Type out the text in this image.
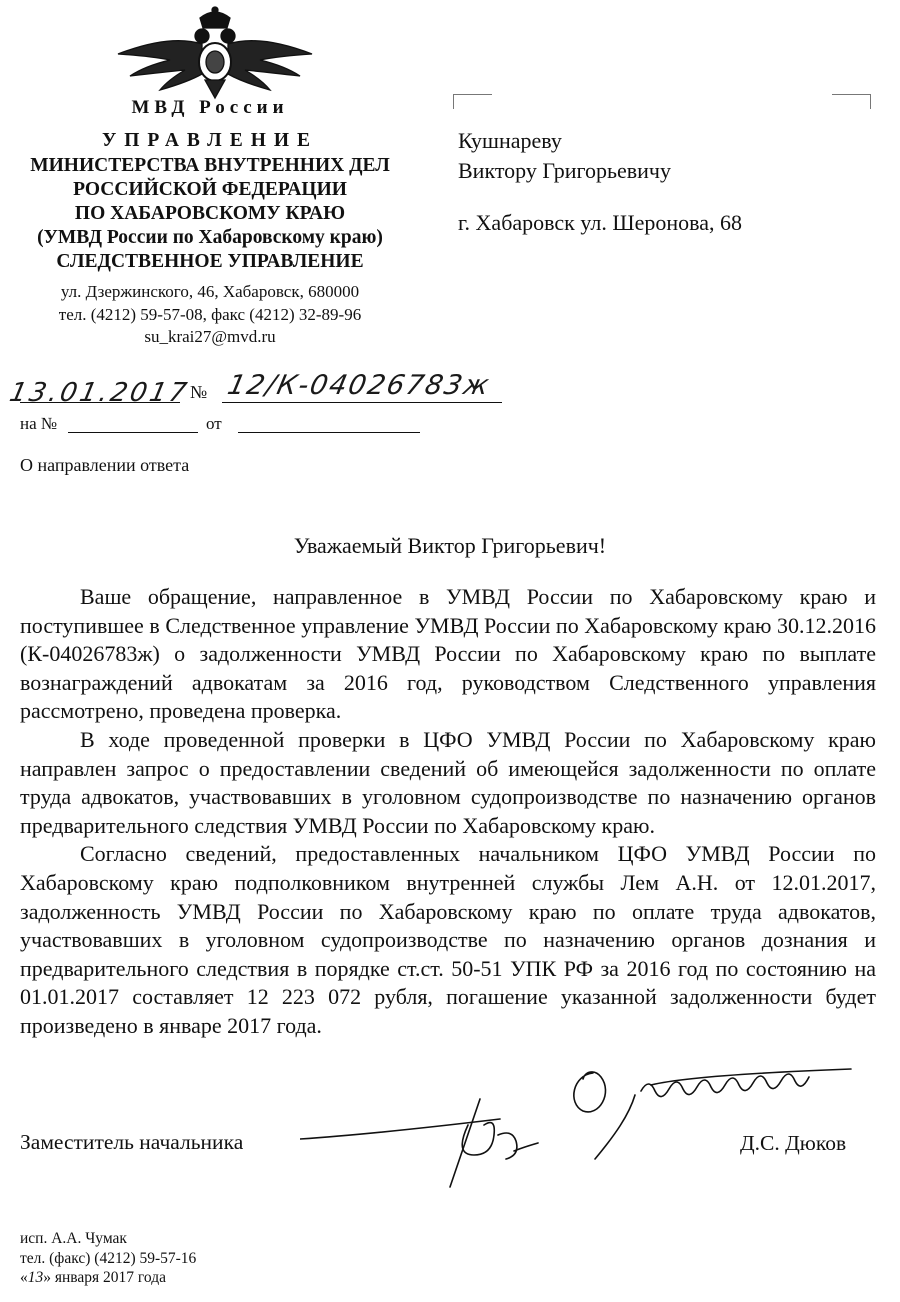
МВД России
УПРАВЛЕНИЕ
МИНИСТЕРСТВА ВНУТРЕННИХ ДЕЛ
РОССИЙСКОЙ ФЕДЕРАЦИИ
ПО ХАБАРОВСКОМУ КРАЮ
(УМВД России по Хабаровскому краю)
СЛЕДСТВЕННОЕ УПРАВЛЕНИЕ
ул. Дзержинского, 46, Хабаровск, 680000
тел. (4212) 59-57-08, факс (4212) 32-89-96
su_krai27@mvd.ru
Кушнареву
Виктору Григорьевичу
г. Хабаровск ул. Шеронова, 68
13.01.2017
№ 12/К-04026783ж
на №	от
О направлении ответа
Уважаемый Виктор Григорьевич!

Ваше обращение, направленное в УМВД России по Хабаровскому краю и поступившее в Следственное управление УМВД России по Хабаровскому краю 30.12.2016 (К-04026783ж) о задолженности УМВД России по Хабаровскому краю по выплате вознаграждений адвокатам за 2016 год, руководством Следственного управления рассмотрено, проведена проверка.

В ходе проведенной проверки в ЦФО УМВД России по Хабаровскому краю направлен запрос о предоставлении сведений об имеющейся задолженности по оплате труда адвокатов, участвовавших в уголовном судопроизводстве по назначению органов предварительного следствия УМВД России по Хабаровскому краю.

Согласно сведений, предоставленных начальником ЦФО УМВД России по Хабаровскому краю подполковником внутренней службы Лем А.Н. от 12.01.2017, задолженность УМВД России по Хабаровскому краю по оплате труда адвокатов, участвовавших в уголовном судопроизводстве по назначению органов дознания и предварительного следствия в порядке ст.ст. 50-51 УПК РФ за 2016 год по состоянию на 01.01.2017 составляет 12 223 072 рубля, погашение указанной задолженности будет произведено в январе 2017 года.

Заместитель начальника	Д.С. Дюков
исп. А.А. Чумак
тел. (факс) (4212) 59-57-16
«13» января 2017 года
